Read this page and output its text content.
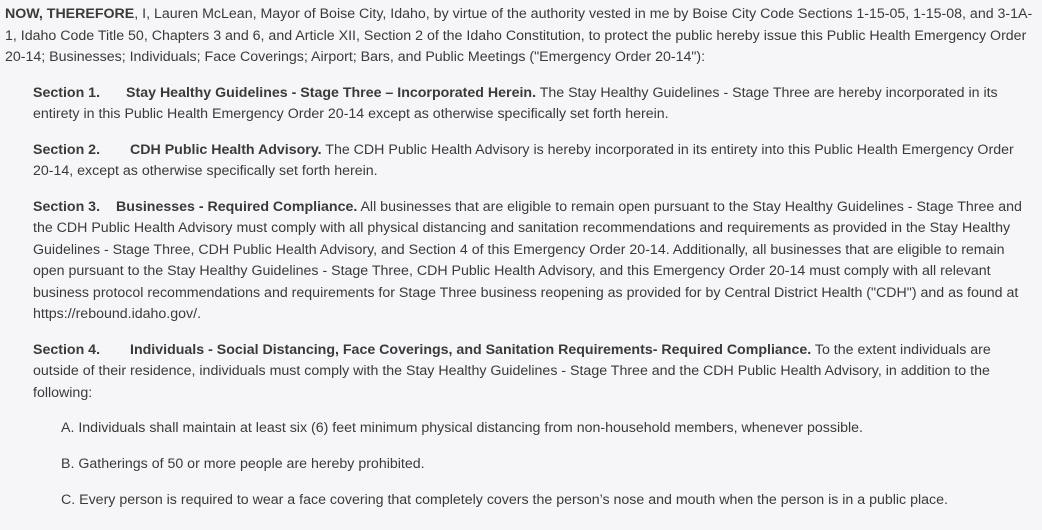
NOW, THEREFORE, I, Lauren McLean, Mayor of Boise City, Idaho, by virtue of the authority vested in me by Boise City Code Sections 1-15-05, 1-15-08, and 3-1A-1, Idaho Code Title 50, Chapters 3 and 6, and Article XII, Section 2 of the Idaho Constitution, to protect the public hereby issue this Public Health Emergency Order 20-14; Businesses; Individuals; Face Coverings; Airport; Bars, and Public Meetings ("Emergency Order 20-14"):

Section 1. Stay Healthy Guidelines - Stage Three – Incorporated Herein. The Stay Healthy Guidelines - Stage Three are hereby incorporated in its entirety in this Public Health Emergency Order 20-14 except as otherwise specifically set forth herein.

Section 2. CDH Public Health Advisory. The CDH Public Health Advisory is hereby incorporated in its entirety into this Public Health Emergency Order 20-14, except as otherwise specifically set forth herein.

Section 3. Businesses - Required Compliance. All businesses that are eligible to remain open pursuant to the Stay Healthy Guidelines - Stage Three and the CDH Public Health Advisory must comply with all physical distancing and sanitation recommendations and requirements as provided in the Stay Healthy Guidelines - Stage Three, CDH Public Health Advisory, and Section 4 of this Emergency Order 20-14. Additionally, all businesses that are eligible to remain open pursuant to the Stay Healthy Guidelines - Stage Three, CDH Public Health Advisory, and this Emergency Order 20-14 must comply with all relevant business protocol recommendations and requirements for Stage Three business reopening as provided for by Central District Health ("CDH") and as found at https://rebound.idaho.gov/.

Section 4. Individuals - Social Distancing, Face Coverings, and Sanitation Requirements- Required Compliance. To the extent individuals are outside of their residence, individuals must comply with the Stay Healthy Guidelines - Stage Three and the CDH Public Health Advisory, in addition to the following:

A. Individuals shall maintain at least six (6) feet minimum physical distancing from non-household members, whenever possible.

B. Gatherings of 50 or more people are hereby prohibited.

C. Every person is required to wear a face covering that completely covers the person’s nose and mouth when the person is in a public place.
